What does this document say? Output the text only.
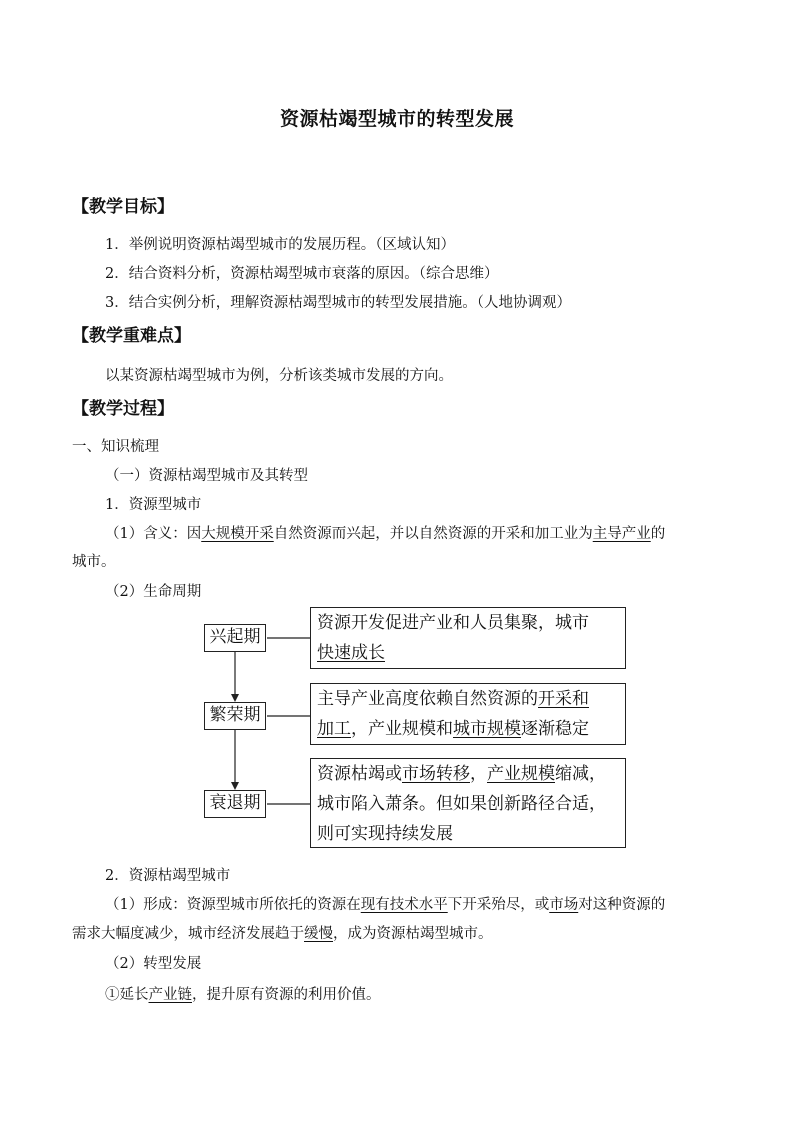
资源枯竭型城市的转型发展
【教学目标】
1．举例说明资源枯竭型城市的发展历程。（区域认知）
2．结合资料分析，资源枯竭型城市衰落的原因。（综合思维）
3．结合实例分析，理解资源枯竭型城市的转型发展措施。（人地协调观）
【教学重难点】
以某资源枯竭型城市为例，分析该类城市发展的方向。
【教学过程】
一、知识梳理
（一）资源枯竭型城市及其转型
1．资源型城市
（1）含义：因大规模开采自然资源而兴起，并以自然资源的开采和加工业为主导产业的
城市。
（2）生命周期
兴起期
繁荣期
衰退期
资源开发促进产业和人员集聚，城市
快速成长
主导产业高度依赖自然资源的开采和
加工，产业规模和城市规模逐渐稳定
资源枯竭或市场转移，产业规模缩减，
城市陷入萧条。但如果创新路径合适，
则可实现持续发展
2．资源枯竭型城市
（1）形成：资源型城市所依托的资源在现有技术水平下开采殆尽，或市场对这种资源的
需求大幅度减少，城市经济发展趋于缓慢，成为资源枯竭型城市。
（2）转型发展
①延长产业链，提升原有资源的利用价值。
